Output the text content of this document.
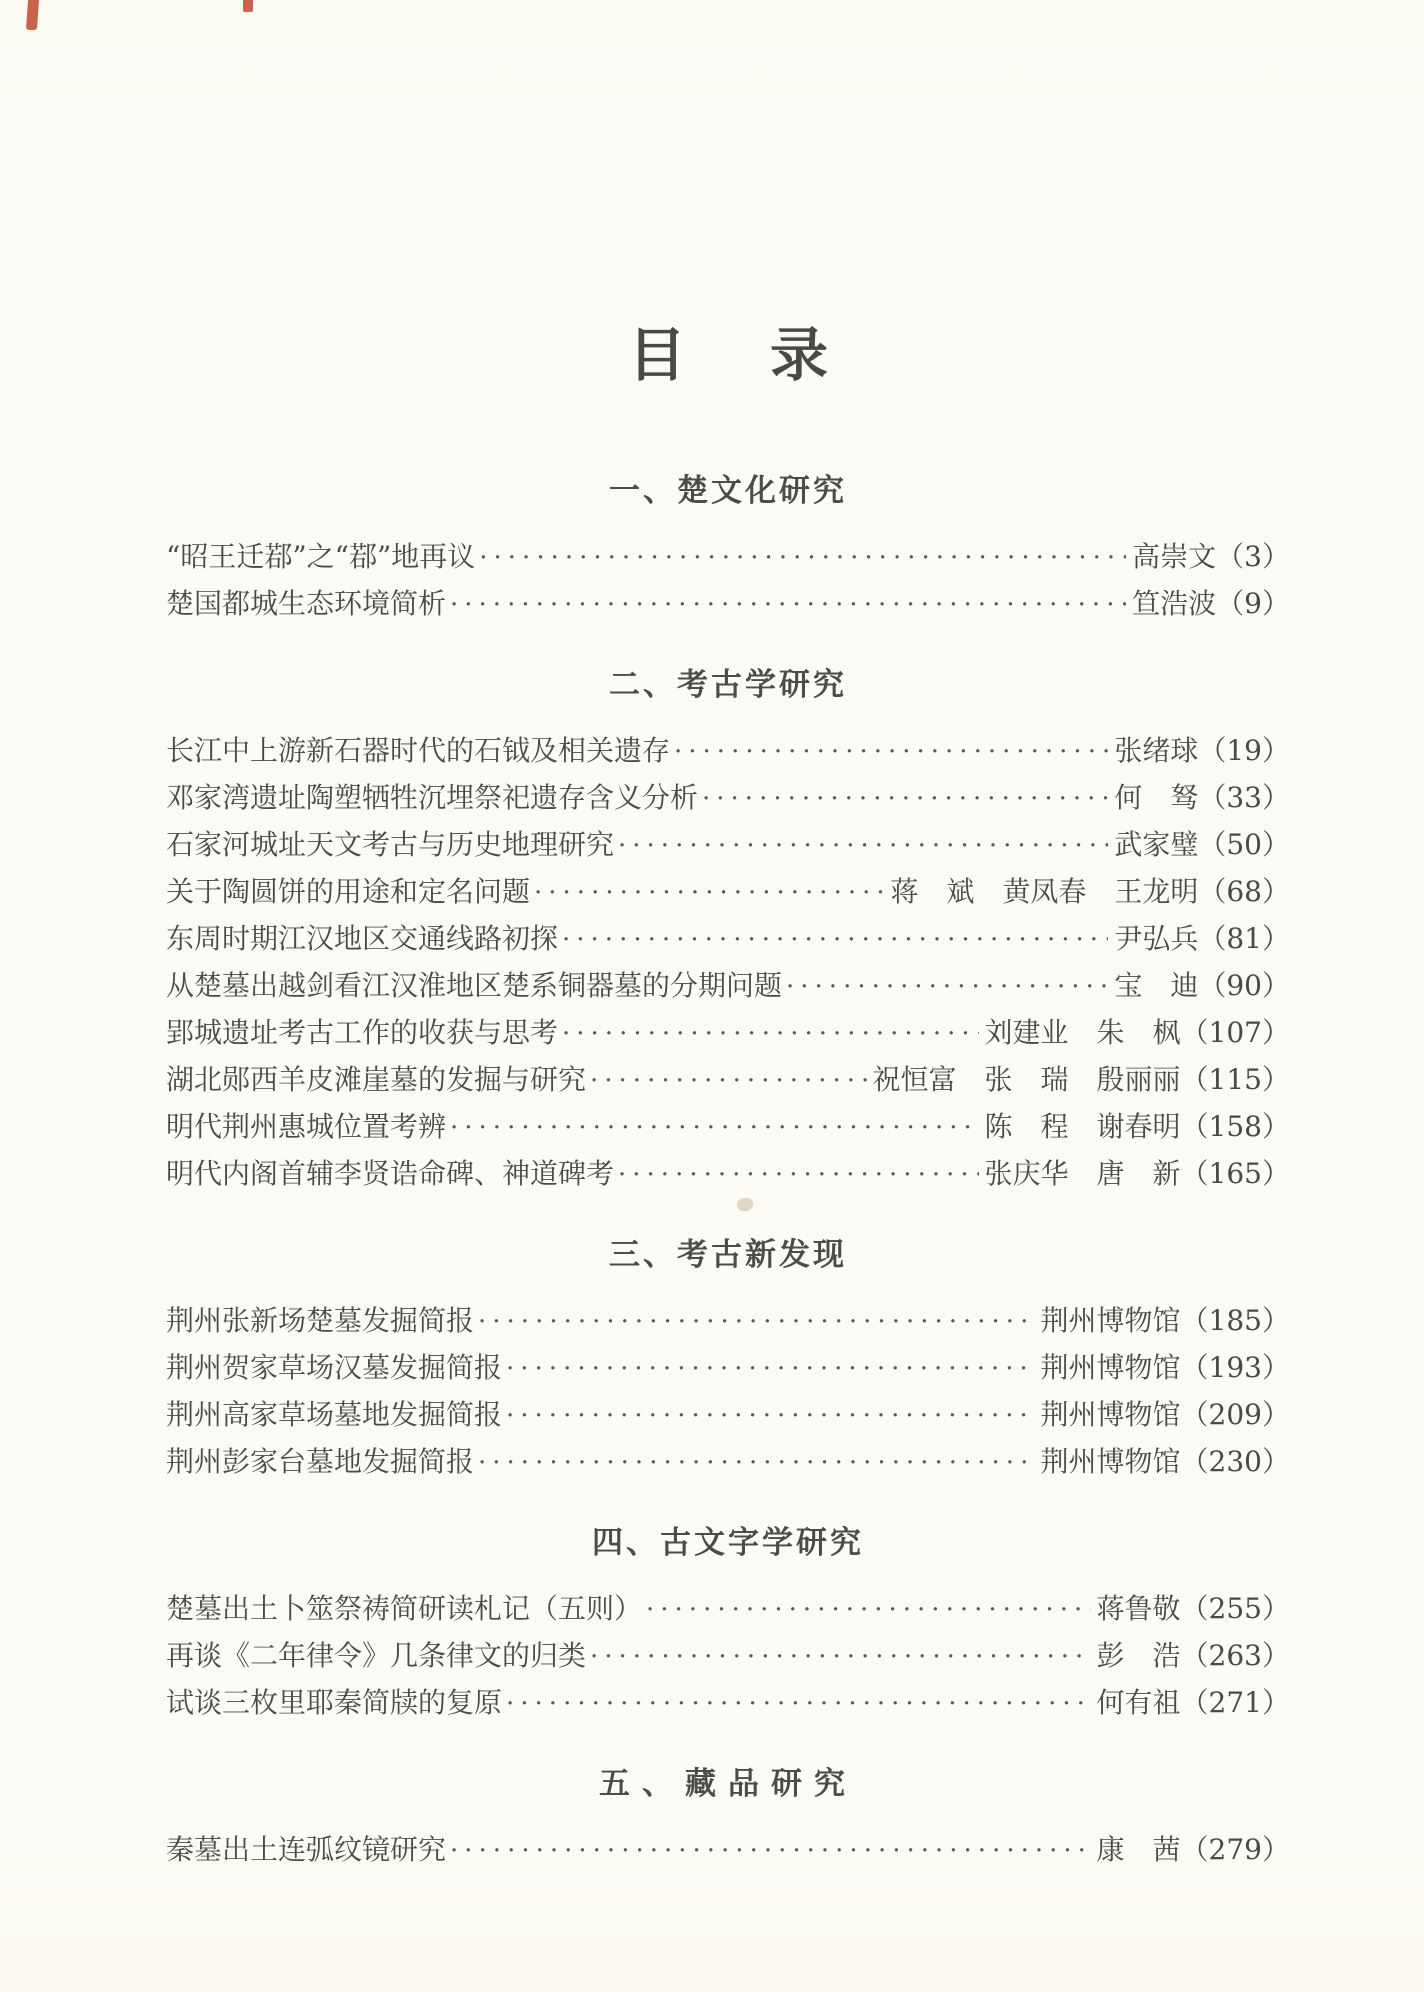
目 录
一、楚文化研究
“昭王迁鄀”之“鄀”地再议 ·····	高崇文 （3）
楚国都城生态环境简析 ·····	笪浩波 （9）
二、考古学研究
长江中上游新石器时代的石钺及相关遗存 ·····	张绪球 （19）
邓家湾遗址陶塑牺牲沉埋祭祀遗存含义分析 ·····	何　驽 （33）
石家河城址天文考古与历史地理研究 ·····	武家璧 （50）
关于陶圆饼的用途和定名问题 ·····	蒋　斌　黄凤春　王龙明 （68）
东周时期江汉地区交通线路初探 ·····	尹弘兵 （81）
从楚墓出越剑看江汉淮地区楚系铜器墓的分期问题 ·····	宝　迪 （90）
郢城遗址考古工作的收获与思考 ·····	刘建业　朱　枫 （107）
湖北郧西羊皮滩崖墓的发掘与研究 ·····	祝恒富　张　瑞　殷丽丽 （115）
明代荆州惠城位置考辨 ·····	陈　程　谢春明 （158）
明代内阁首辅李贤诰命碑、神道碑考 ·····	张庆华　唐　新 （165）
三、考古新发现
荆州张新场楚墓发掘简报 ·····	荆州博物馆 （185）
荆州贺家草场汉墓发掘简报 ·····	荆州博物馆 （193）
荆州高家草场墓地发掘简报 ·····	荆州博物馆 （209）
荆州彭家台墓地发掘简报 ·····	荆州博物馆 （230）
四、古文字学研究
楚墓出土卜筮祭祷简研读札记（五则） ·····	蒋鲁敬 （255）
再谈《二年律令》几条律文的归类 ·····	彭　浩 （263）
试谈三枚里耶秦简牍的复原 ·····	何有祖 （271）
五、藏品研究
秦墓出土连弧纹镜研究 ·····	康　茜 （279）
